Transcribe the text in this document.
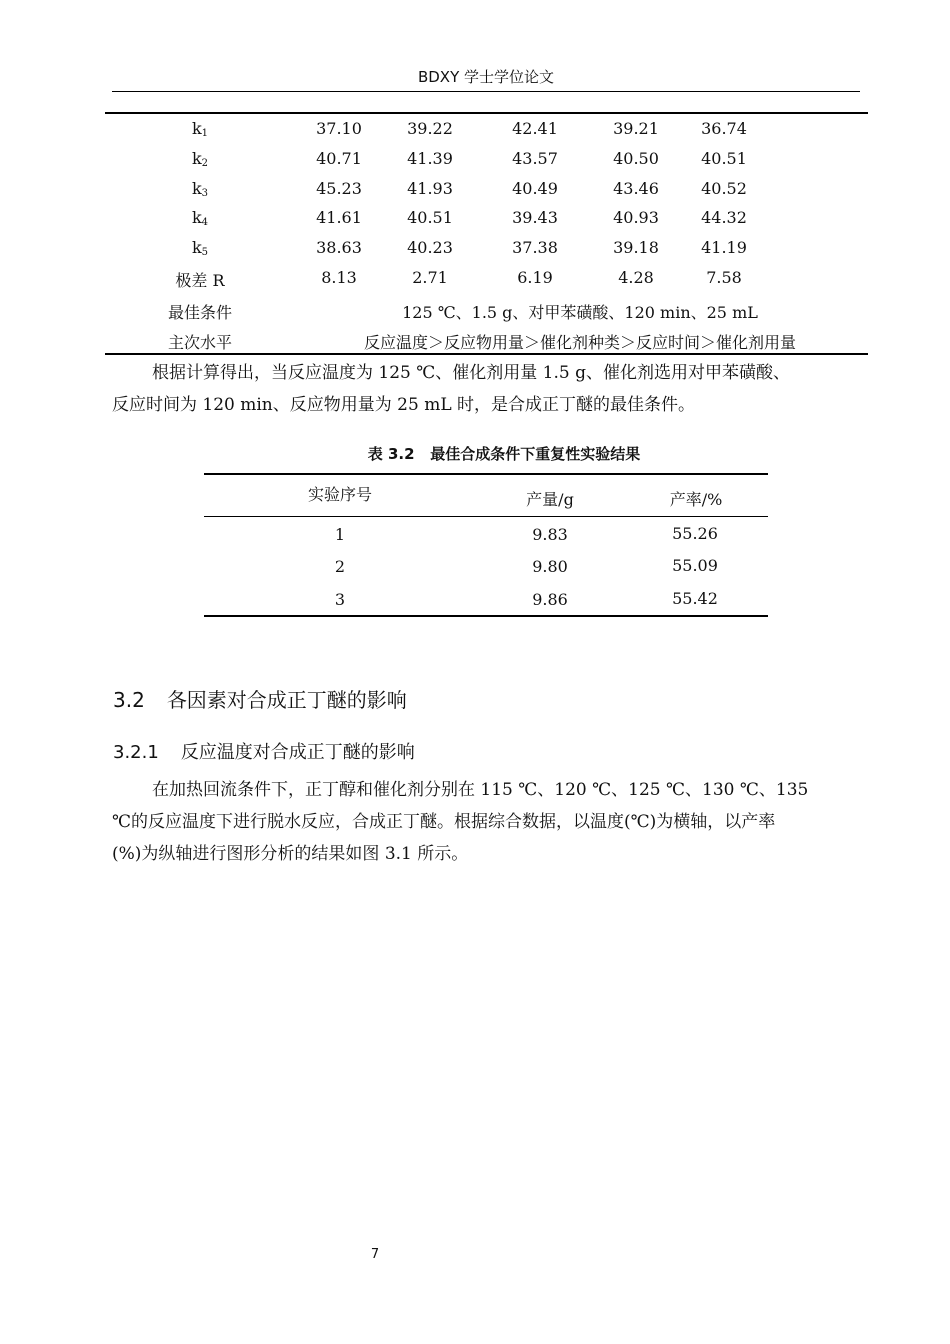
BDXY 学士学位论文
$k_1$	37.10	39.22	42.41	39.21	36.74
$k_2$	40.71	41.39	43.57	40.50	40.51
$k_3$	45.23	41.93	40.49	43.46	40.52
$k_4$	41.61	40.51	39.43	40.93	44.32
$k_5$	38.63	40.23	37.38	39.18	41.19
极差 R	8.13	2.71	6.19	4.28	7.58
最佳条件	125 ℃、1.5 g、对甲苯磺酸、120 min、25 mL
主次水平	反应温度＞反应物用量＞催化剂种类＞反应时间＞催化剂用量

根据计算得出，当反应温度为 125 ℃、催化剂用量 1.5 g、催化剂选用对甲苯磺酸、

反应时间为 120 min、反应物用量为 25 mL 时，是合成正丁醚的最佳条件。

表 3.2   最佳合成条件下重复性实验结果
实验序号	产量/g	产率/%
1	9.83	55.26
2	9.80	55.09
3	9.86	55.42
3.2 各因素对合成正丁醚的影响
3.2.1 反应温度对合成正丁醚的影响

在加热回流条件下，正丁醇和催化剂分别在 115 ℃、120 ℃、125 ℃、130 ℃、135

℃的反应温度下进行脱水反应，合成正丁醚。根据综合数据，以温度(℃)为横轴，以产率

(%)为纵轴进行图形分析的结果如图 3.1 所示。

7
